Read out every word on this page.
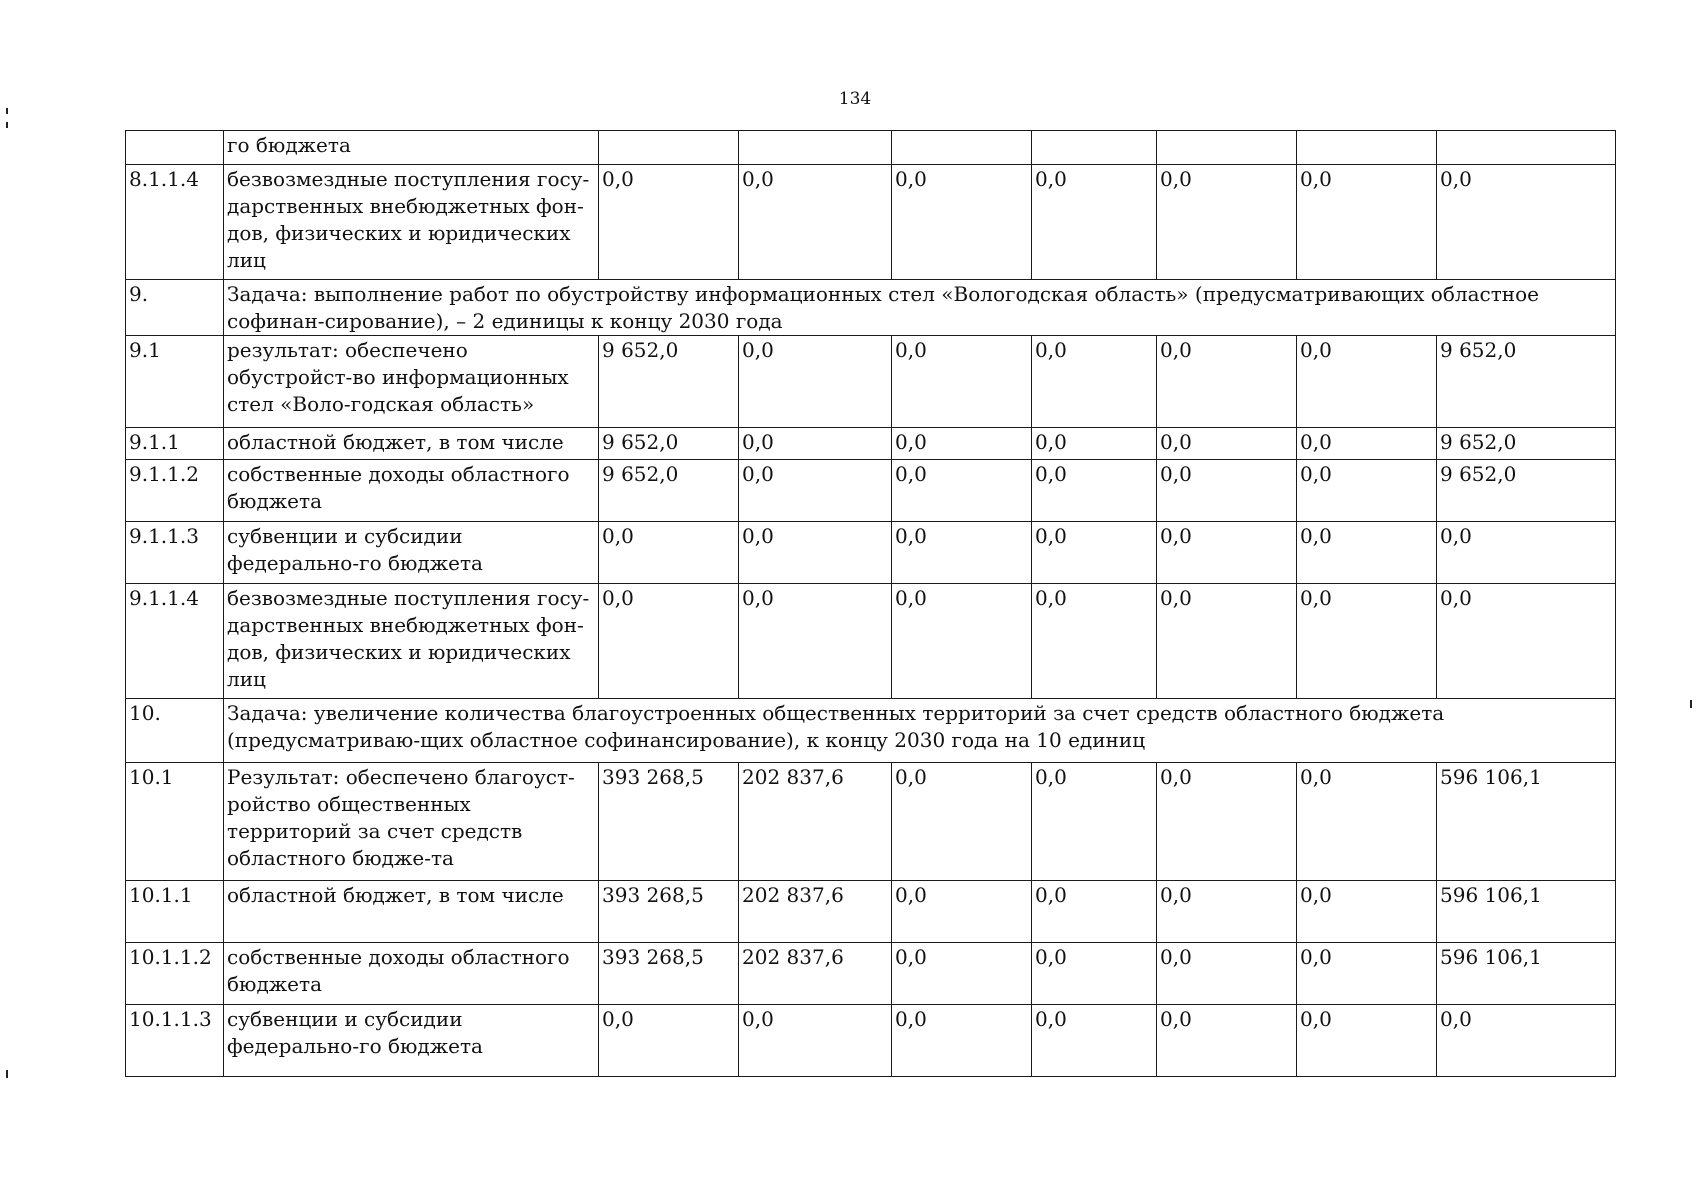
134
	го бюджета							
8.1.1.4	безвозмездные поступления госу-дарственных внебюджетных фон-дов, физических и юридических лиц	0,0	0,0	0,0	0,0	0,0	0,0	0,0
9.	Задача: выполнение работ по обустройству информационных стел «Вологодская область» (предусматривающих областное софинан-сирование), – 2 единицы к концу 2030 года							
9.1	результат: обеспечено обустройст-во информационных стел «Воло-годская область»	9 652,0	0,0	0,0	0,0	0,0	0,0	9 652,0
9.1.1	областной бюджет, в том числе	9 652,0	0,0	0,0	0,0	0,0	0,0	9 652,0
9.1.1.2	собственные доходы областного бюджета	9 652,0	0,0	0,0	0,0	0,0	0,0	9 652,0
9.1.1.3	субвенции и субсидии федерально-го бюджета	0,0	0,0	0,0	0,0	0,0	0,0	0,0
9.1.1.4	безвозмездные поступления госу-дарственных внебюджетных фон-дов, физических и юридических лиц	0,0	0,0	0,0	0,0	0,0	0,0	0,0
10.	Задача: увеличение количества благоустроенных общественных территорий за счет средств областного бюджета (предусматриваю-щих областное софинансирование), к концу 2030 года на 10 единиц							
10.1	Результат: обеспечено благоуст-ройство общественных территорий за счет средств областного бюдже-та	393 268,5	202 837,6	0,0	0,0	0,0	0,0	596 106,1
10.1.1	областной бюджет, в том числе	393 268,5	202 837,6	0,0	0,0	0,0	0,0	596 106,1
10.1.1.2	собственные доходы областного бюджета	393 268,5	202 837,6	0,0	0,0	0,0	0,0	596 106,1
10.1.1.3	субвенции и субсидии федерально-го бюджета	0,0	0,0	0,0	0,0	0,0	0,0	0,0
